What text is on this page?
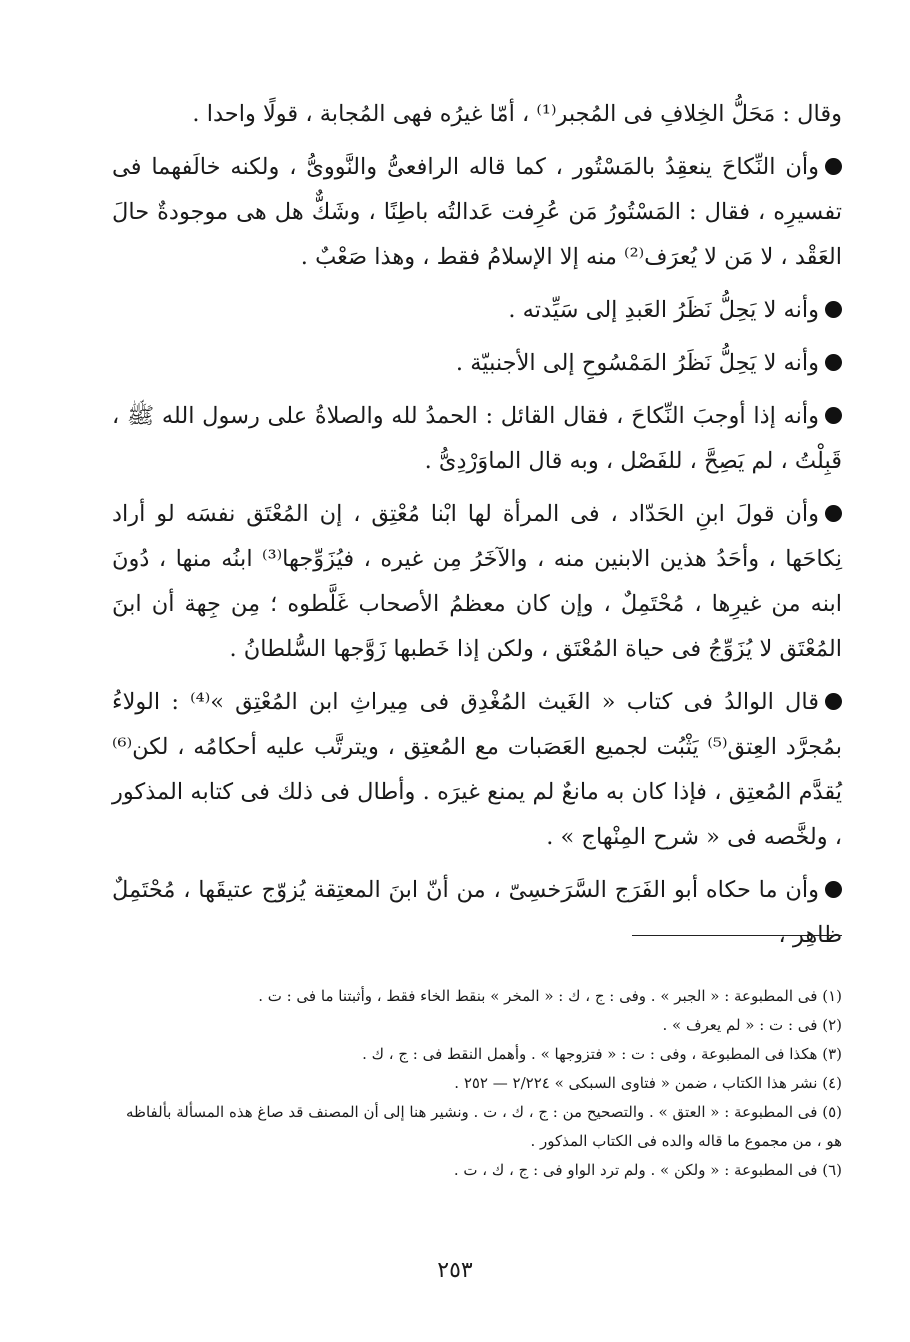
وقال : مَحَلُّ الخِلافِ فى المُجبر⁽¹⁾ ، أمّا غيرُه فهى المُجابة ، قولًا واحدا .

وأن النِّكاحَ ينعقِدُ بالمَسْتُور ، كما قاله الرافعىُّ والنَّووىُّ ، ولكنه خالَفهما فى تفسيرِه ، فقال : المَسْتُورُ مَن عُرِفت عَدالتُه باطِنًا ، وشَكٌّ هل هى موجودةٌ حالَ العَقْد ، لا مَن لا يُعرَف⁽²⁾ منه إلا الإسلامُ فقط ، وهذا صَعْبٌ .

وأنه لا يَحِلُّ نَظَرُ العَبدِ إلى سَيِّدته .

وأنه لا يَحِلُّ نَظَرُ المَمْسُوحِ إلى الأجنبيّة .

وأنه إذا أوجبَ النِّكاحَ ، فقال القائل : الحمدُ لله والصلاةُ على رسول الله ﷺ ، قَبِلْتُ ، لم يَصِحَّ ، للفَصْل ، وبه قال الماوَرْدِىُّ .

وأن قولَ ابنِ الحَدّاد ، فى المرأة لها ابْنا مُعْتِق ، إن المُعْتَق نفسَه لو أراد نِكاحَها ، وأحَدُ هذين الابنين منه ، والآخَرُ مِن غيره ، فيُزَوِّجها⁽³⁾ ابنُه منها ، دُونَ ابنه من غيرِها ، مُحْتَمِلٌ ، وإن كان معظمُ الأصحاب غَلَّطوه ؛ مِن جِهة أن ابنَ المُعْتَق لا يُزَوِّجُ فى حياة المُعْتَق ، ولكن إذا خَطبها زَوَّجها السُّلطانُ .

قال الوالدُ فى كتاب « الغَيث المُغْدِق فى مِيراثِ ابن المُعْتِق »⁽⁴⁾ : الولاءُ بمُجرَّد العِتق⁽⁵⁾ يَثْبُت لجميع العَصَبات مع المُعتِق ، ويترتَّب عليه أحكامُه ، لكن⁽⁶⁾ يُقدَّم المُعتِق ، فإذا كان به مانعٌ لم يمنع غيرَه . وأطال فى ذلك فى كتابه المذكور ، ولخَّصه فى « شرح المِنْهاج » .

وأن ما حكاه أبو الفَرَج السَّرَخسِىّ ، من أنّ ابنَ المعتِقة يُزوّج عتيقَها ، مُحْتَمِلٌ ظاهِر ،

(١) فى المطبوعة : « الجبر » . وفى : ج ، ك : « المخر » بنقط الخاء فقط ، وأثبتنا ما فى : ت .

(٢) فى : ت : « لم يعرف » .

(٣) هكذا فى المطبوعة ، وفى : ت : « فتزوجها » . وأهمل النقط فى : ج ، ك .

(٤) نشر هذا الكتاب ، ضمن « فتاوى السبكى » ٢/٢٢٤ — ٢٥٢ .

(٥) فى المطبوعة : « العتق » . والتصحيح من : ج ، ك ، ت . ونشير هنا إلى أن المصنف قد صاغ هذه المسألة بألفاظه هو ، من مجموع ما قاله والده فى الكتاب المذكور .

(٦) فى المطبوعة : « ولكن » . ولم ترد الواو فى : ج ، ك ، ت .

٢٥٣
